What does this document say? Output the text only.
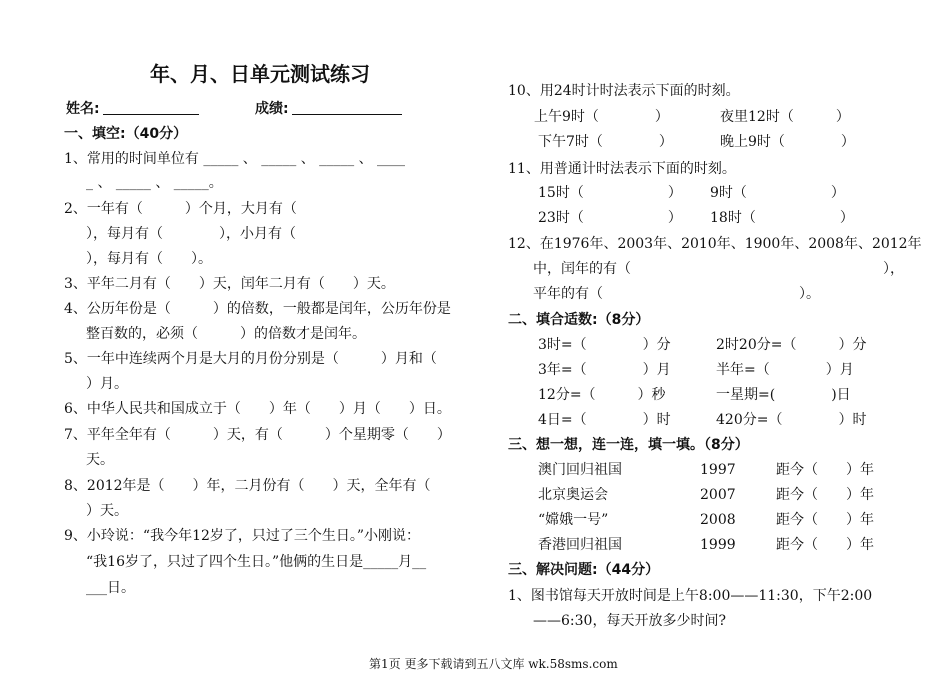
年、月、日单元测试练习
姓名:	成绩:
一、填空:（40分）
1、常用的时间单位有 _____ 、 _____ 、 _____ 、 ____
_ 、 _____ 、 _____。
2、一年有（　　　）个月，大月有（
），每月有（　　　　），小月有（
），每月有（　　）。
3、平年二月有（　　）天，闰年二月有（　　）天。
4、公历年份是（　　　）的倍数，一般都是闰年，公历年份是
整百数的，必须（　　　）的倍数才是闰年。
5、一年中连续两个月是大月的月份分别是（　　　）月和（
）月。
6、中华人民共和国成立于（　　）年（　　）月（　　）日。
7、平年全年有（　　　）天，有（　　　）个星期零（　　）
天。
8、2012年是（　　）年，二月份有（　　）天，全年有（
）天。
9、小玲说：“我今年12岁了，只过了三个生日。”小刚说：
“我16岁了，只过了四个生日。”他俩的生日是_____月__
___日。
10、用24时计时法表示下面的时刻。
上午9时（　　　　）	夜里12时（　　　）
下午7时（　　　　）	晚上9时（　　　　）
11、用普通计时法表示下面的时刻。
15时（　　　　　　） 9时（　　　　　　）
23时（　　　　　　） 18时（　　　　　　）
12、在1976年、2003年、2010年、1900年、2008年、2012年
中，闰年的有（　　　　　　　　　　　　　　　　　　），
平年的有（　　　　　　　　　　　　　　）。
二、填合适数:（8分）
3时=（　　　　）分	2时20分=（　　　）分
3年=（　　　　）月	半年=（　　　　）月
12分=（　　　）秒	一星期=(　　　　)日
4日=（　　　　）时	420分=（　　　　）时
三、想一想，连一连，填一填。（8分）
澳门回归祖国	1997	距今（　　）年
北京奥运会	2007	距今（　　）年
“嫦娥一号”	2008	距今（　　）年
香港回归祖国	1999	距今（　　）年
三、解决问题:（44分）
1、图书馆每天开放时间是上午8:00——11:30，下午2:00
——6:30，每天开放多少时间?
第1页 更多下载请到五八文库 wk.58sms.com
